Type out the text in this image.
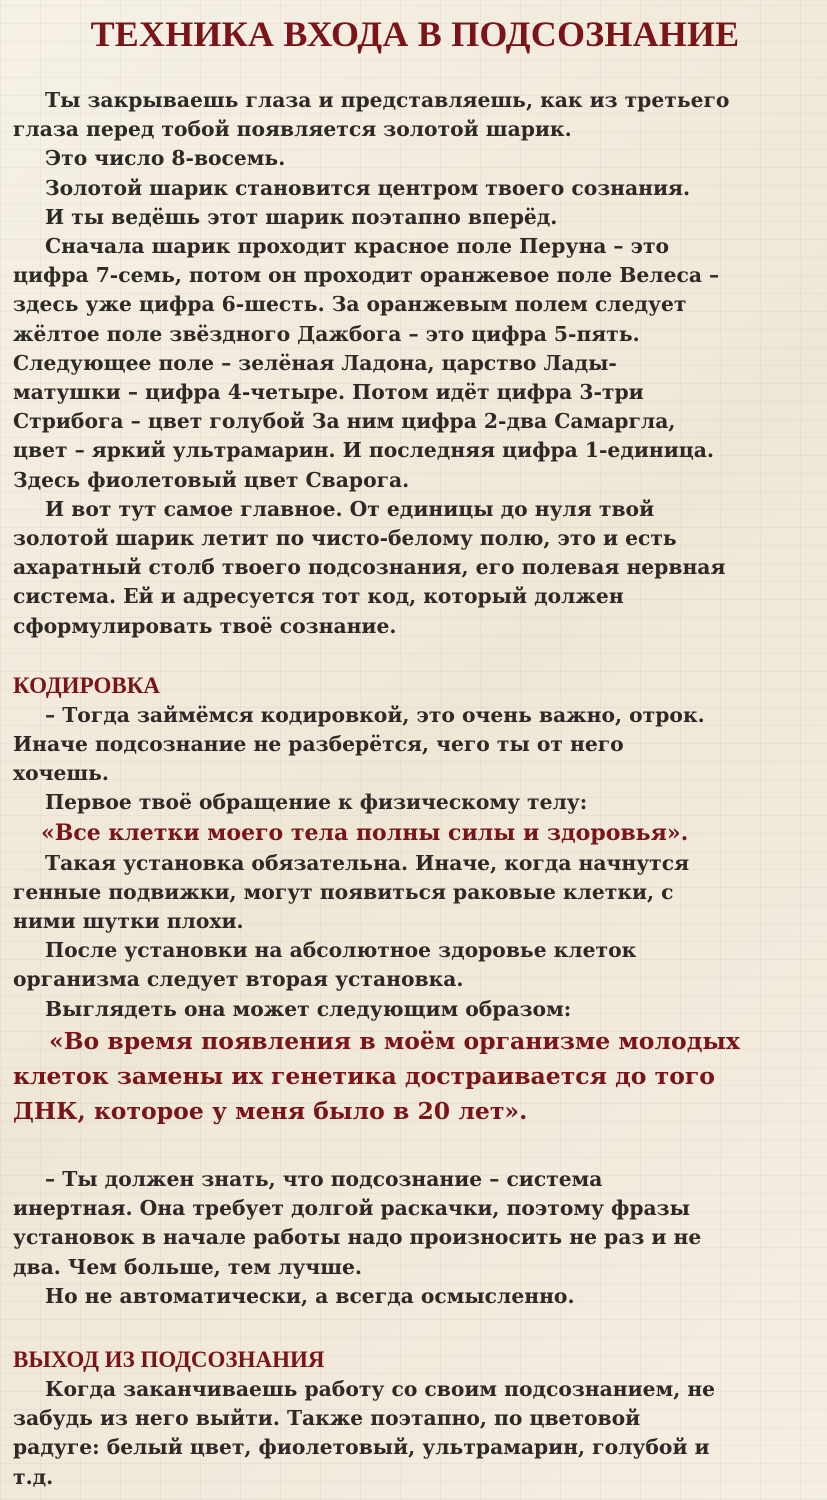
ТЕХНИКА ВХОДА В ПОДСОЗНАНИЕ

Ты закрываешь глаза и представляешь, как из третьего
глаза перед тобой появляется золотой шарик.

Это число 8-восемь.

Золотой шарик становится центром твоего сознания.

И ты ведёшь этот шарик поэтапно вперёд.

Сначала шарик проходит красное поле Перуна – это
цифра 7-семь, потом он проходит оранжевое поле Велеса –
здесь уже цифра 6-шесть. За оранжевым полем следует
жёлтое поле звёздного Дажбога – это цифра 5-пять.
Следующее поле – зелёная Ладона, царство Лады-
матушки – цифра 4-четыре. Потом идёт цифра 3-три
Стрибога – цвет голубой За ним цифра 2-два Самаргла,
цвет – яркий ультрамарин. И последняя цифра 1-единица.
Здесь фиолетовый цвет Сварога.

И вот тут самое главное. От единицы до нуля твой
золотой шарик летит по чисто-белому полю, это и есть
ахаратный столб твоего подсознания, его полевая нервная
система. Ей и адресуется тот код, который должен
сформулировать твоё сознание.

КОДИРОВКА

– Тогда займёмся кодировкой, это очень важно, отрок.
Иначе подсознание не разберётся, чего ты от него
хочешь.

Первое твоё обращение к физическому телу:

«Все клетки моего тела полны силы и здоровья».

Такая установка обязательна. Иначе, когда начнутся
генные подвижки, могут появиться раковые клетки, с
ними шутки плохи.

После установки на абсолютное здоровье клеток
организма следует вторая установка.

Выглядеть она может следующим образом:

«Во время появления в моём организме молодых
клеток замены их генетика достраивается до того
ДНК, которое у меня было в 20 лет».

– Ты должен знать, что подсознание – система
инертная. Она требует долгой раскачки, поэтому фразы
установок в начале работы надо произносить не раз и не
два. Чем больше, тем лучше.

Но не автоматически, а всегда осмысленно.

ВЫХОД ИЗ ПОДСОЗНАНИЯ

Когда заканчиваешь работу со своим подсознанием, не
забудь из него выйти. Также поэтапно, по цветовой
радуге: белый цвет, фиолетовый, ультрамарин, голубой и
т.д.
